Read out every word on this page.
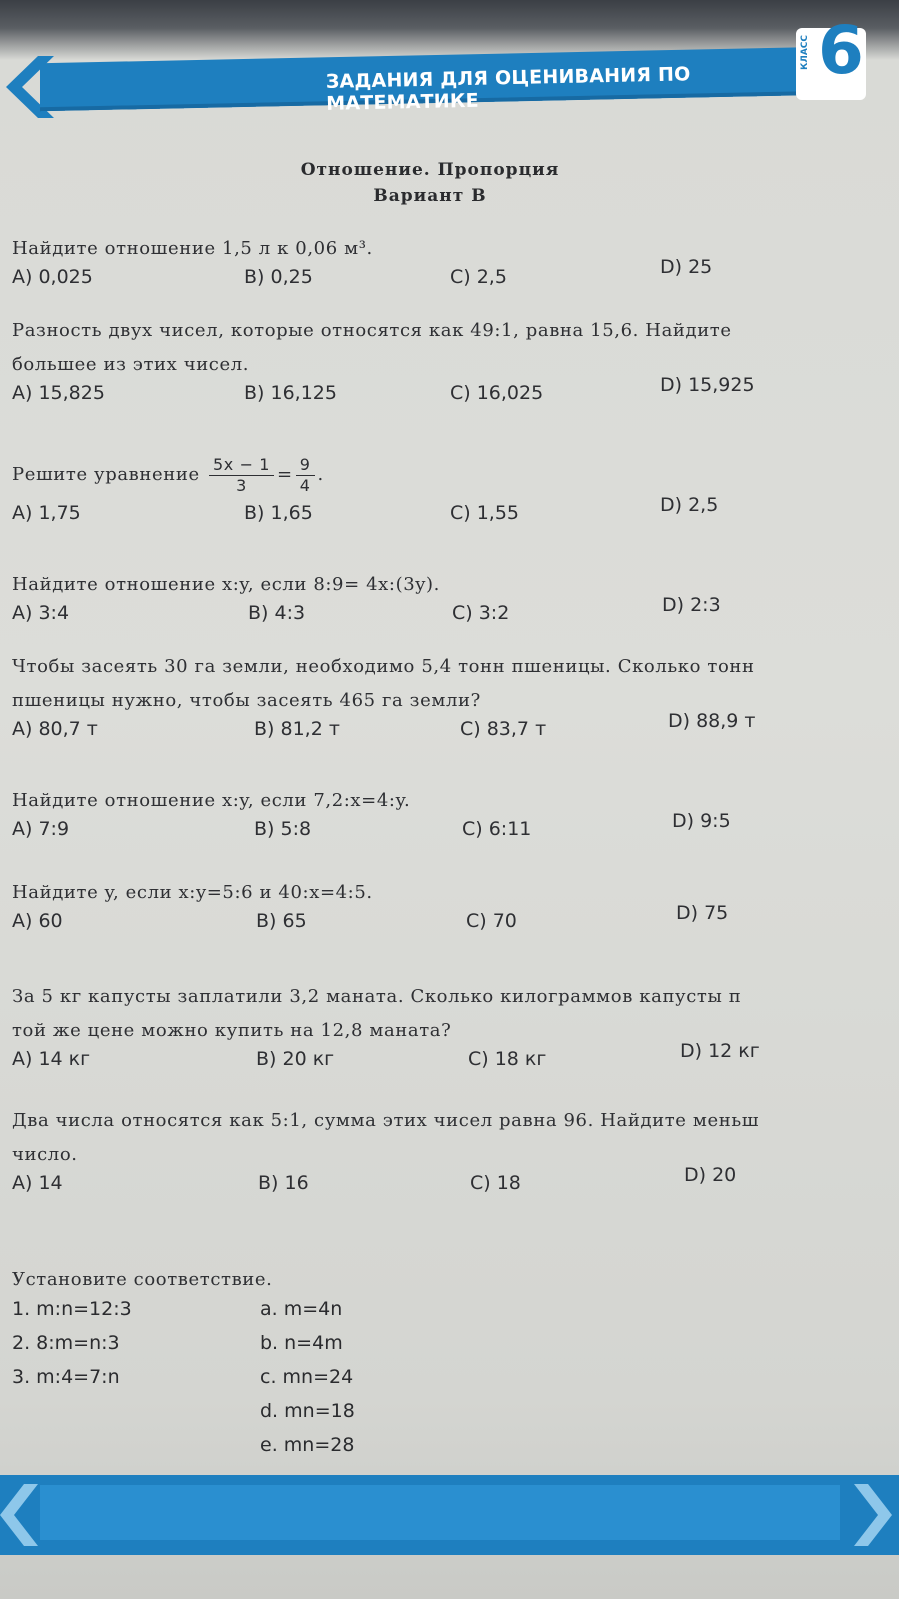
ЗАДАНИЯ ДЛЯ ОЦЕНИВАНИЯ ПО МАТЕМАТИКЕ
КЛАСС 6
Отношение. Пропорция
Вариант В
Найдите отношение 1,5 л к 0,06 м³.
A) 0,025	B) 0,25	C) 2,5	D) 25
Разность двух чисел, которые относятся как 49:1, равна 15,6. Найдите
большее из этих чисел.
A) 15,825	B) 16,125	C) 16,025	D) 15,925
Решите уравнение $\frac{5x - 1}{3} = \frac{9}{4}$ .
A) 1,75	B) 1,65	C) 1,55	D) 2,5
Найдите отношение x:y, если 8:9= 4x:(3y).
A) 3:4	B) 4:3	C) 3:2	D) 2:3
Чтобы засеять 30 га земли, необходимо 5,4 тонн пшеницы. Сколько тонн
пшеницы нужно, чтобы засеять 465 га земли?
A) 80,7 т	B) 81,2 т	C) 83,7 т	D) 88,9 т
Найдите отношение x:y, если 7,2:x=4:y.
A) 7:9	B) 5:8	C) 6:11	D) 9:5
Найдите y, если x:y=5:6 и 40:x=4:5.
A) 60	B) 65	C) 70	D) 75
За 5 кг капусты заплатили 3,2 маната. Сколько килограммов капусты п
той же цене можно купить на 12,8 маната?
A) 14 кг	B) 20 кг	C) 18 кг	D) 12 кг
Два числа относятся как 5:1, сумма этих чисел равна 96. Найдите меньш
число.
A) 14	B) 16	C) 18	D) 20
Установите соответствие.
1. m:n=12:3	a. m=4n
2. 8:m=n:3	b. n=4m
3. m:4=7:n	c. mn=24
d. mn=18
e. mn=28
